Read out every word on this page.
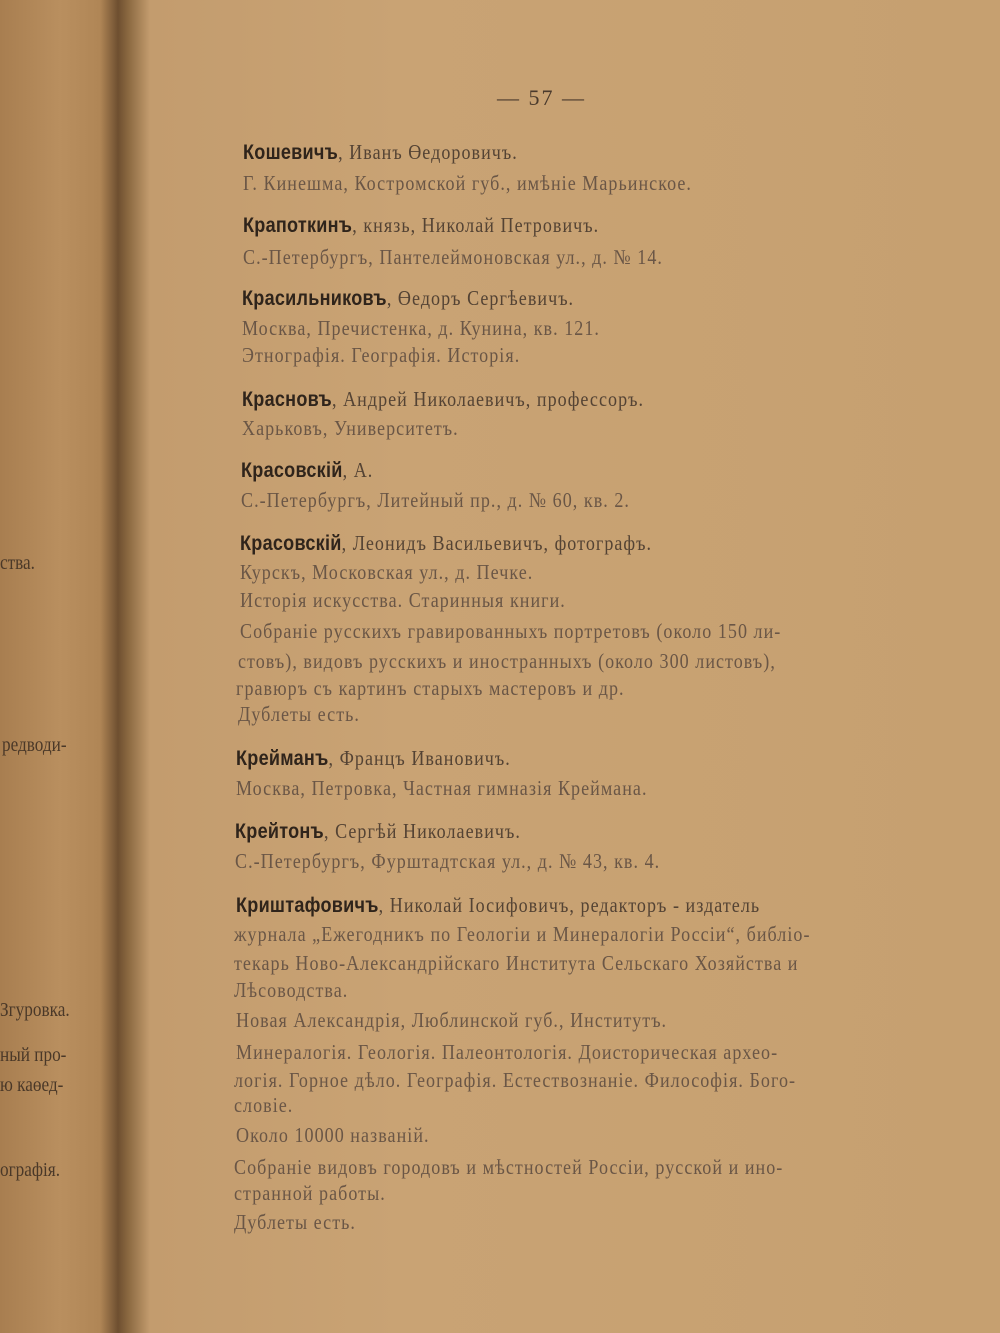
— 57 —
ства.
редводи-
Згуровка.
ный про-
ю каөед-
ографія.
Кошевичъ, Иванъ Өедоровичъ.
Г. Кинешма, Костромской губ., имѣніе Марьинское.
Крапоткинъ, князь, Николай Петровичъ.
С.-Петербургъ, Пантелеймоновская ул., д. № 14.
Красильниковъ, Өедоръ Сергѣевичъ.
Москва, Пречистенка, д. Кунина, кв. 121.
Этнографія. Географія. Исторія.
Красновъ, Андрей Николаевичъ, профессоръ.
Харьковъ, Университетъ.
Красовскій, А.
С.-Петербургъ, Литейный пр., д. № 60, кв. 2.
Красовскій, Леонидъ Васильевичъ, фотографъ.
Курскъ, Московская ул., д. Печке.
Исторія искусства. Старинныя книги.
Собраніе русскихъ гравированныхъ портретовъ (около 150 ли-
стовъ), видовъ русскихъ и иностранныхъ (около 300 листовъ),
гравюръ съ картинъ старыхъ мастеровъ и др.
Дублеты есть.
Крейманъ, Францъ Ивановичъ.
Москва, Петровка, Частная гимназія Креймана.
Крейтонъ, Сергѣй Николаевичъ.
С.-Петербургъ, Фурштадтская ул., д. № 43, кв. 4.
Криштафовичъ, Николай Іосифовичъ, редакторъ - издатель
журнала „Ежегодникъ по Геологіи и Минералогіи Россіи“, библіо-
текарь Ново-Александрійскаго Института Сельскаго Хозяйства и
Лѣсоводства.
Новая Александрія, Люблинской губ., Институтъ.
Минералогія. Геологія. Палеонтологія. Доисторическая архео-
логія. Горное дѣло. Географія. Естествознаніе. Философія. Бого-
словіе.
Около 10000 названій.
Собраніе видовъ городовъ и мѣстностей Россіи, русской и ино-
странной работы.
Дублеты есть.
